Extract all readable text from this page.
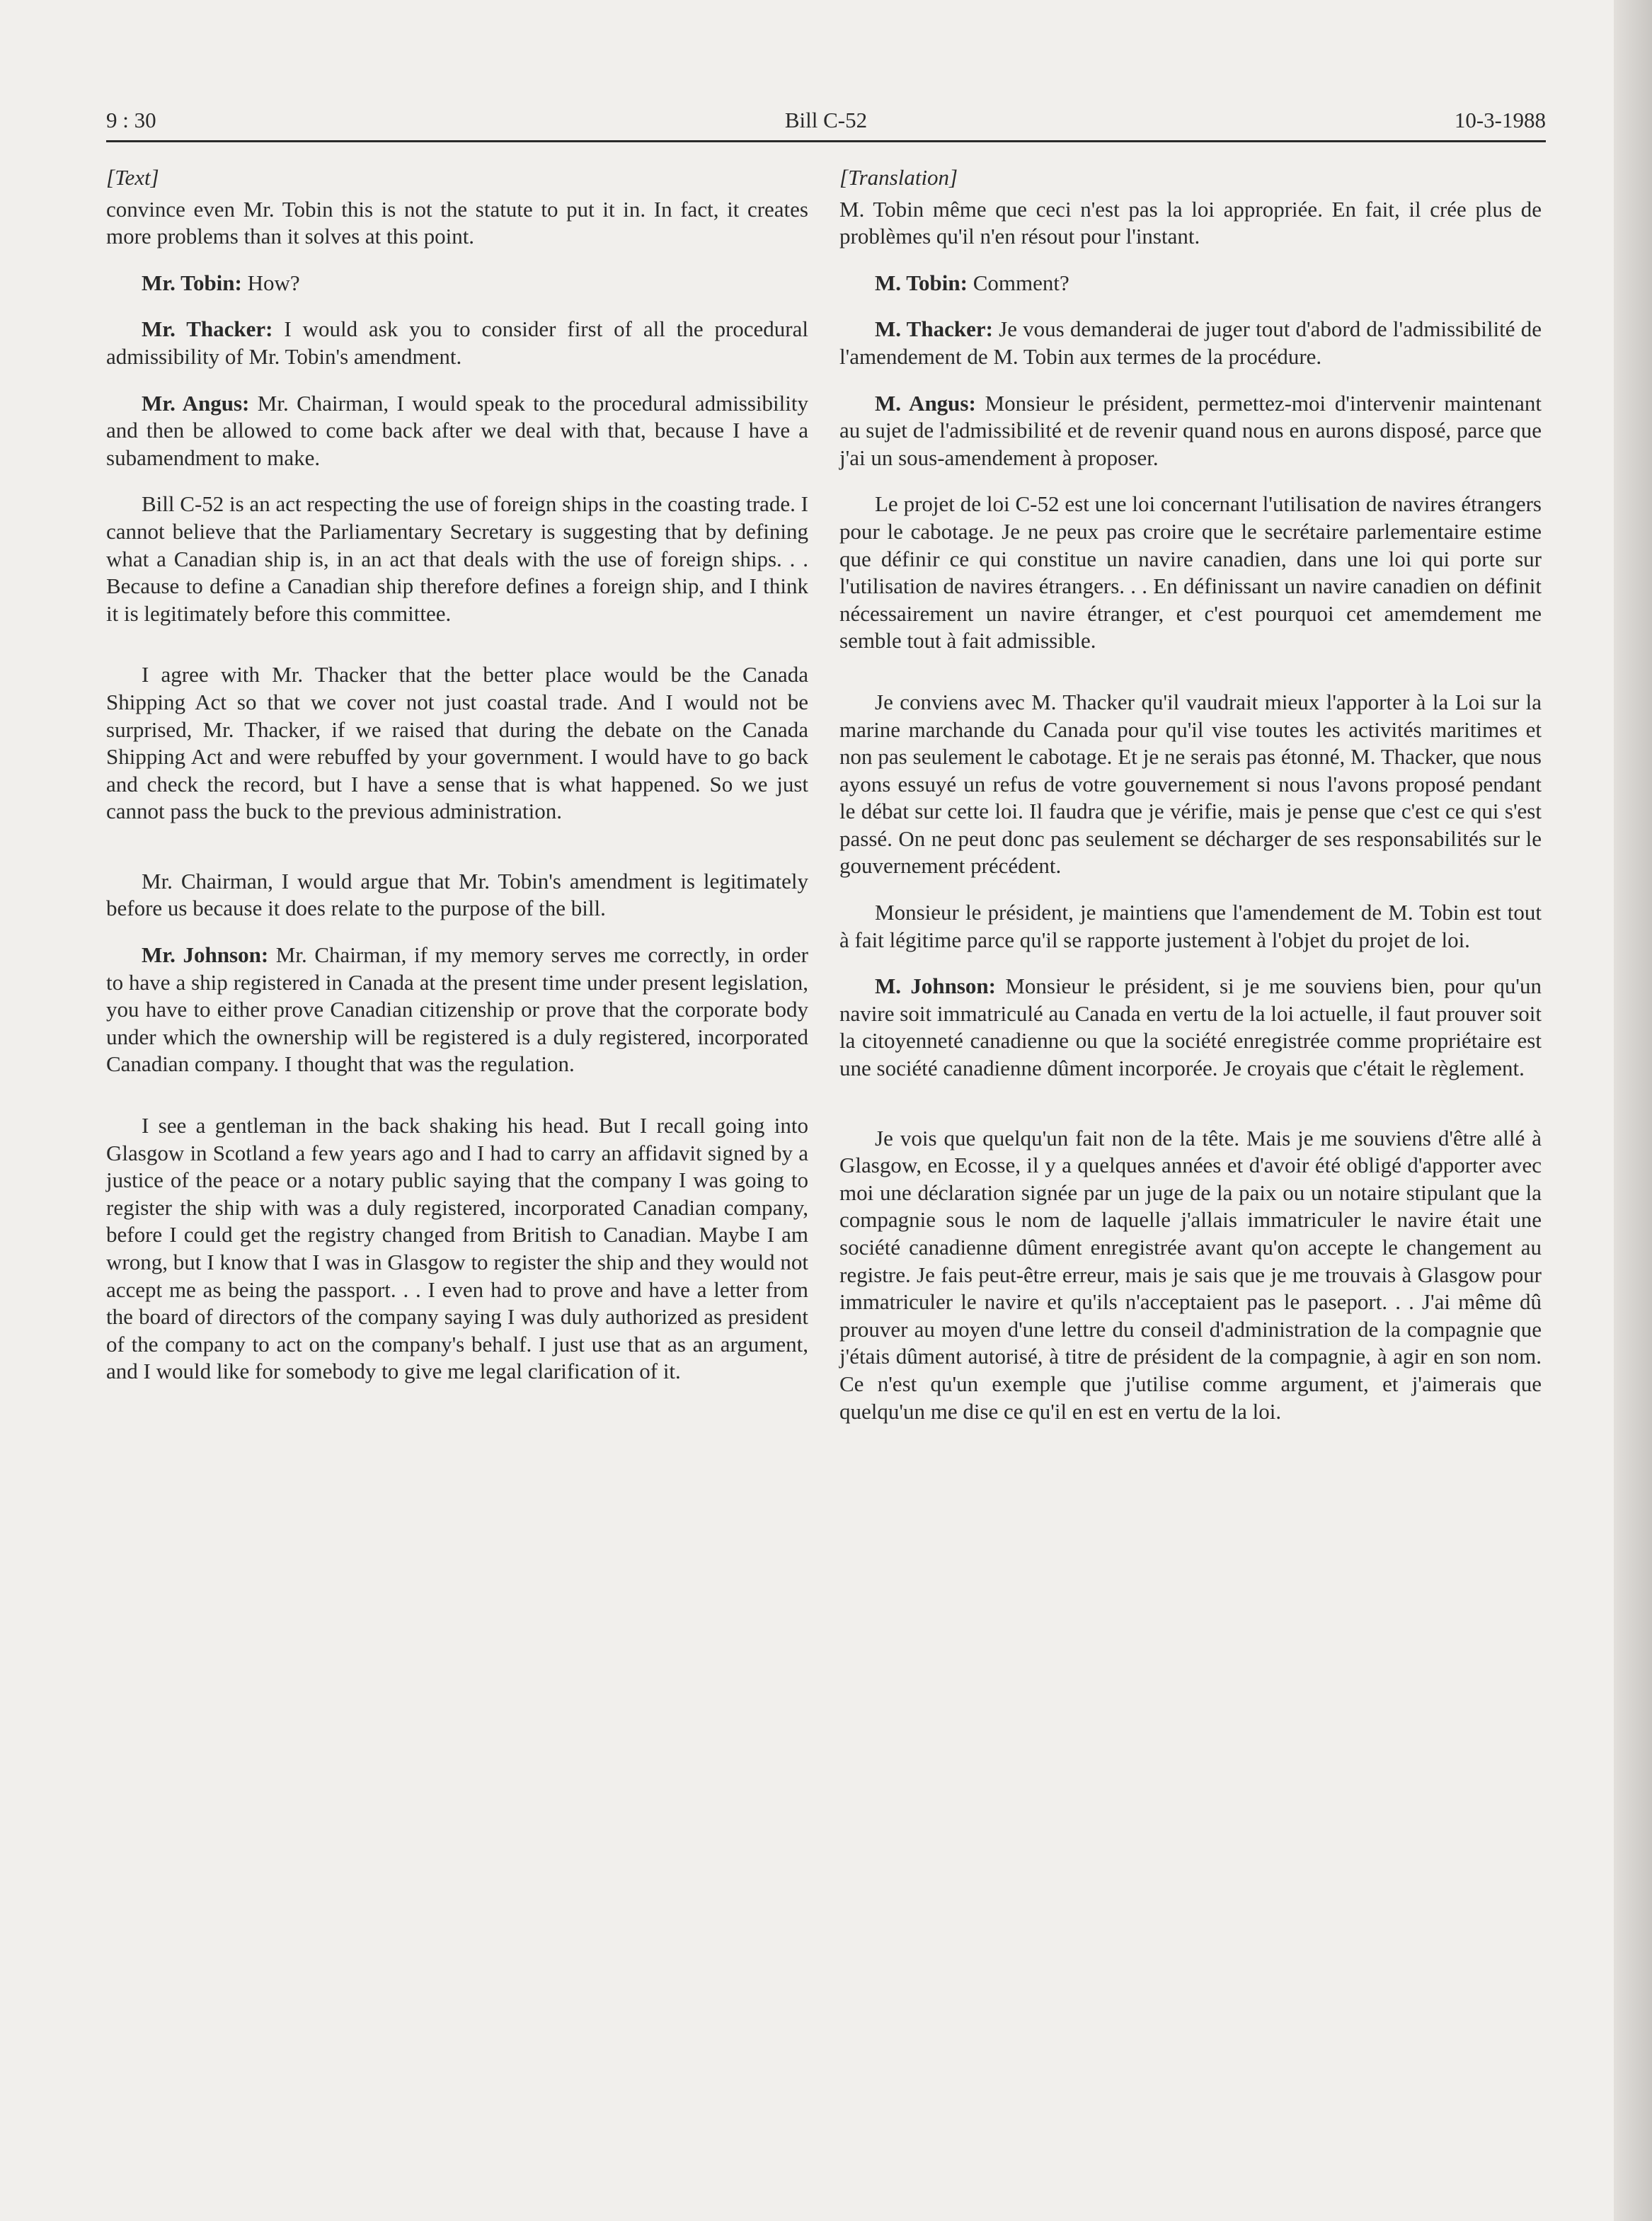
9 : 30	Bill C-52	10-3-1988
[Text]

convince even Mr. Tobin this is not the statute to put it in. In fact, it creates more problems than it solves at this point.

Mr. Tobin: How?

Mr. Thacker: I would ask you to consider first of all the procedural admissibility of Mr. Tobin's amendment.

Mr. Angus: Mr. Chairman, I would speak to the procedural admissibility and then be allowed to come back after we deal with that, because I have a subamendment to make.

Bill C-52 is an act respecting the use of foreign ships in the coasting trade. I cannot believe that the Parliamentary Secretary is suggesting that by defining what a Canadian ship is, in an act that deals with the use of foreign ships. . . Because to define a Canadian ship therefore defines a foreign ship, and I think it is legitimately before this committee.

I agree with Mr. Thacker that the better place would be the Canada Shipping Act so that we cover not just coastal trade. And I would not be surprised, Mr. Thacker, if we raised that during the debate on the Canada Shipping Act and were rebuffed by your government. I would have to go back and check the record, but I have a sense that is what happened. So we just cannot pass the buck to the previous administration.

Mr. Chairman, I would argue that Mr. Tobin's amendment is legitimately before us because it does relate to the purpose of the bill.

Mr. Johnson: Mr. Chairman, if my memory serves me correctly, in order to have a ship registered in Canada at the present time under present legislation, you have to either prove Canadian citizenship or prove that the corporate body under which the ownership will be registered is a duly registered, incorporated Canadian company. I thought that was the regulation.

I see a gentleman in the back shaking his head. But I recall going into Glasgow in Scotland a few years ago and I had to carry an affidavit signed by a justice of the peace or a notary public saying that the company I was going to register the ship with was a duly registered, incorporated Canadian company, before I could get the registry changed from British to Canadian. Maybe I am wrong, but I know that I was in Glasgow to register the ship and they would not accept me as being the passport. . . I even had to prove and have a letter from the board of directors of the company saying I was duly authorized as president of the company to act on the company's behalf. I just use that as an argument, and I would like for somebody to give me legal clarification of it.

[Translation]

M. Tobin même que ceci n'est pas la loi appropriée. En fait, il crée plus de problèmes qu'il n'en résout pour l'instant.

M. Tobin: Comment?

M. Thacker: Je vous demanderai de juger tout d'abord de l'admissibilité de l'amendement de M. Tobin aux termes de la procédure.

M. Angus: Monsieur le président, permettez-moi d'intervenir maintenant au sujet de l'admissibilité et de revenir quand nous en aurons disposé, parce que j'ai un sous-amendement à proposer.

Le projet de loi C-52 est une loi concernant l'utilisation de navires étrangers pour le cabotage. Je ne peux pas croire que le secrétaire parlementaire estime que définir ce qui constitue un navire canadien, dans une loi qui porte sur l'utilisation de navires étrangers. . . En définissant un navire canadien on définit nécessairement un navire étranger, et c'est pourquoi cet amemdement me semble tout à fait admissible.

Je conviens avec M. Thacker qu'il vaudrait mieux l'apporter à la Loi sur la marine marchande du Canada pour qu'il vise toutes les activités maritimes et non pas seulement le cabotage. Et je ne serais pas étonné, M. Thacker, que nous ayons essuyé un refus de votre gouvernement si nous l'avons proposé pendant le débat sur cette loi. Il faudra que je vérifie, mais je pense que c'est ce qui s'est passé. On ne peut donc pas seulement se décharger de ses responsabilités sur le gouvernement précédent.

Monsieur le président, je maintiens que l'amendement de M. Tobin est tout à fait légitime parce qu'il se rapporte justement à l'objet du projet de loi.

M. Johnson: Monsieur le président, si je me souviens bien, pour qu'un navire soit immatriculé au Canada en vertu de la loi actuelle, il faut prouver soit la citoyenneté canadienne ou que la société enregistrée comme propriétaire est une société canadienne dûment incorporée. Je croyais que c'était le règlement.

Je vois que quelqu'un fait non de la tête. Mais je me souviens d'être allé à Glasgow, en Ecosse, il y a quelques années et d'avoir été obligé d'apporter avec moi une déclaration signée par un juge de la paix ou un notaire stipulant que la compagnie sous le nom de laquelle j'allais immatriculer le navire était une société canadienne dûment enregistrée avant qu'on accepte le changement au registre. Je fais peut-être erreur, mais je sais que je me trouvais à Glasgow pour immatriculer le navire et qu'ils n'acceptaient pas le paseport. . . J'ai même dû prouver au moyen d'une lettre du conseil d'administration de la compagnie que j'étais dûment autorisé, à titre de président de la compagnie, à agir en son nom. Ce n'est qu'un exemple que j'utilise comme argument, et j'aimerais que quelqu'un me dise ce qu'il en est en vertu de la loi.
